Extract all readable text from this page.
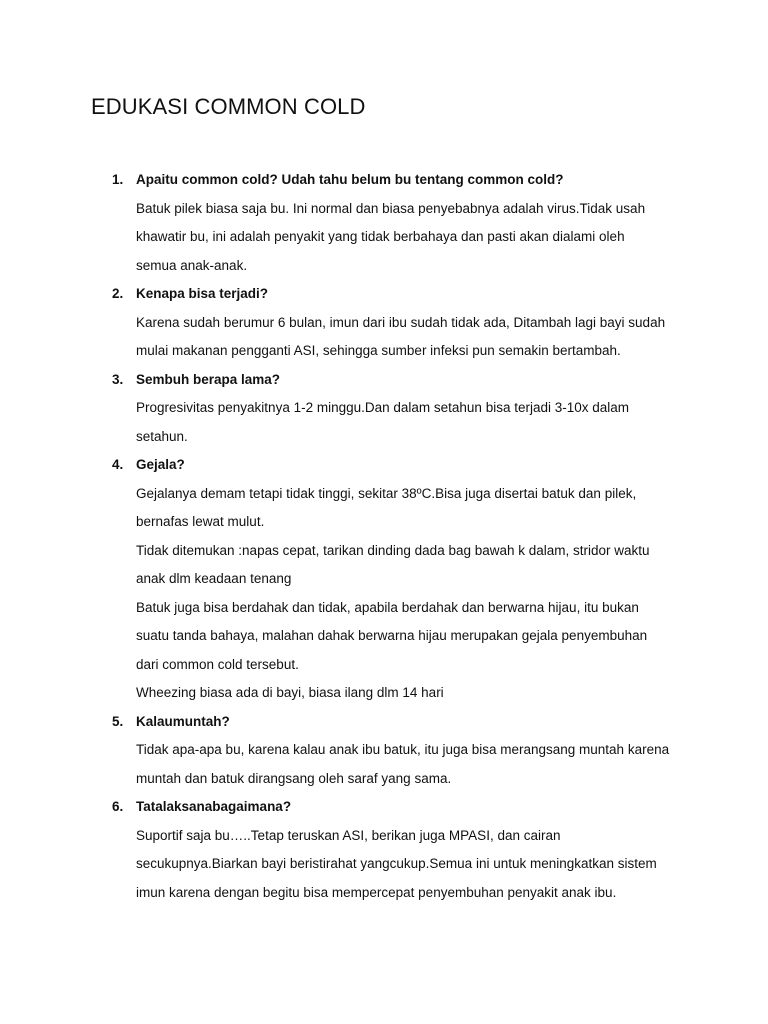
EDUKASI COMMON COLD
1. Apaitu common cold? Udah tahu belum bu tentang common cold?
Batuk pilek biasa saja bu. Ini normal dan biasa penyebabnya adalah virus.Tidak usah
khawatir bu, ini adalah penyakit yang tidak berbahaya dan pasti akan dialami oleh
semua anak-anak.
2. Kenapa bisa terjadi?
Karena sudah berumur 6 bulan, imun dari ibu sudah tidak ada, Ditambah lagi bayi sudah
mulai makanan pengganti ASI, sehingga sumber infeksi pun semakin bertambah.
3. Sembuh berapa lama?
Progresivitas penyakitnya 1-2 minggu.Dan dalam setahun bisa terjadi 3-10x dalam
setahun.
4. Gejala?
Gejalanya demam tetapi tidak tinggi, sekitar 38ºC.Bisa juga disertai batuk dan pilek,
bernafas lewat mulut.
Tidak ditemukan :napas cepat, tarikan dinding dada bag bawah k dalam, stridor waktu
anak dlm keadaan tenang
Batuk juga bisa berdahak dan tidak, apabila berdahak dan berwarna hijau, itu bukan
suatu tanda bahaya, malahan dahak berwarna hijau merupakan gejala penyembuhan
dari common cold tersebut.
Wheezing biasa ada di bayi, biasa ilang dlm 14 hari
5. Kalaumuntah?
Tidak apa-apa bu, karena kalau anak ibu batuk, itu juga bisa merangsang muntah karena
muntah dan batuk dirangsang oleh saraf yang sama.
6. Tatalaksanabagaimana?
Suportif saja bu…..Tetap teruskan ASI, berikan juga MPASI, dan cairan
secukupnya.Biarkan bayi beristirahat yangcukup.Semua ini untuk meningkatkan sistem
imun karena dengan begitu bisa mempercepat penyembuhan penyakit anak ibu.
